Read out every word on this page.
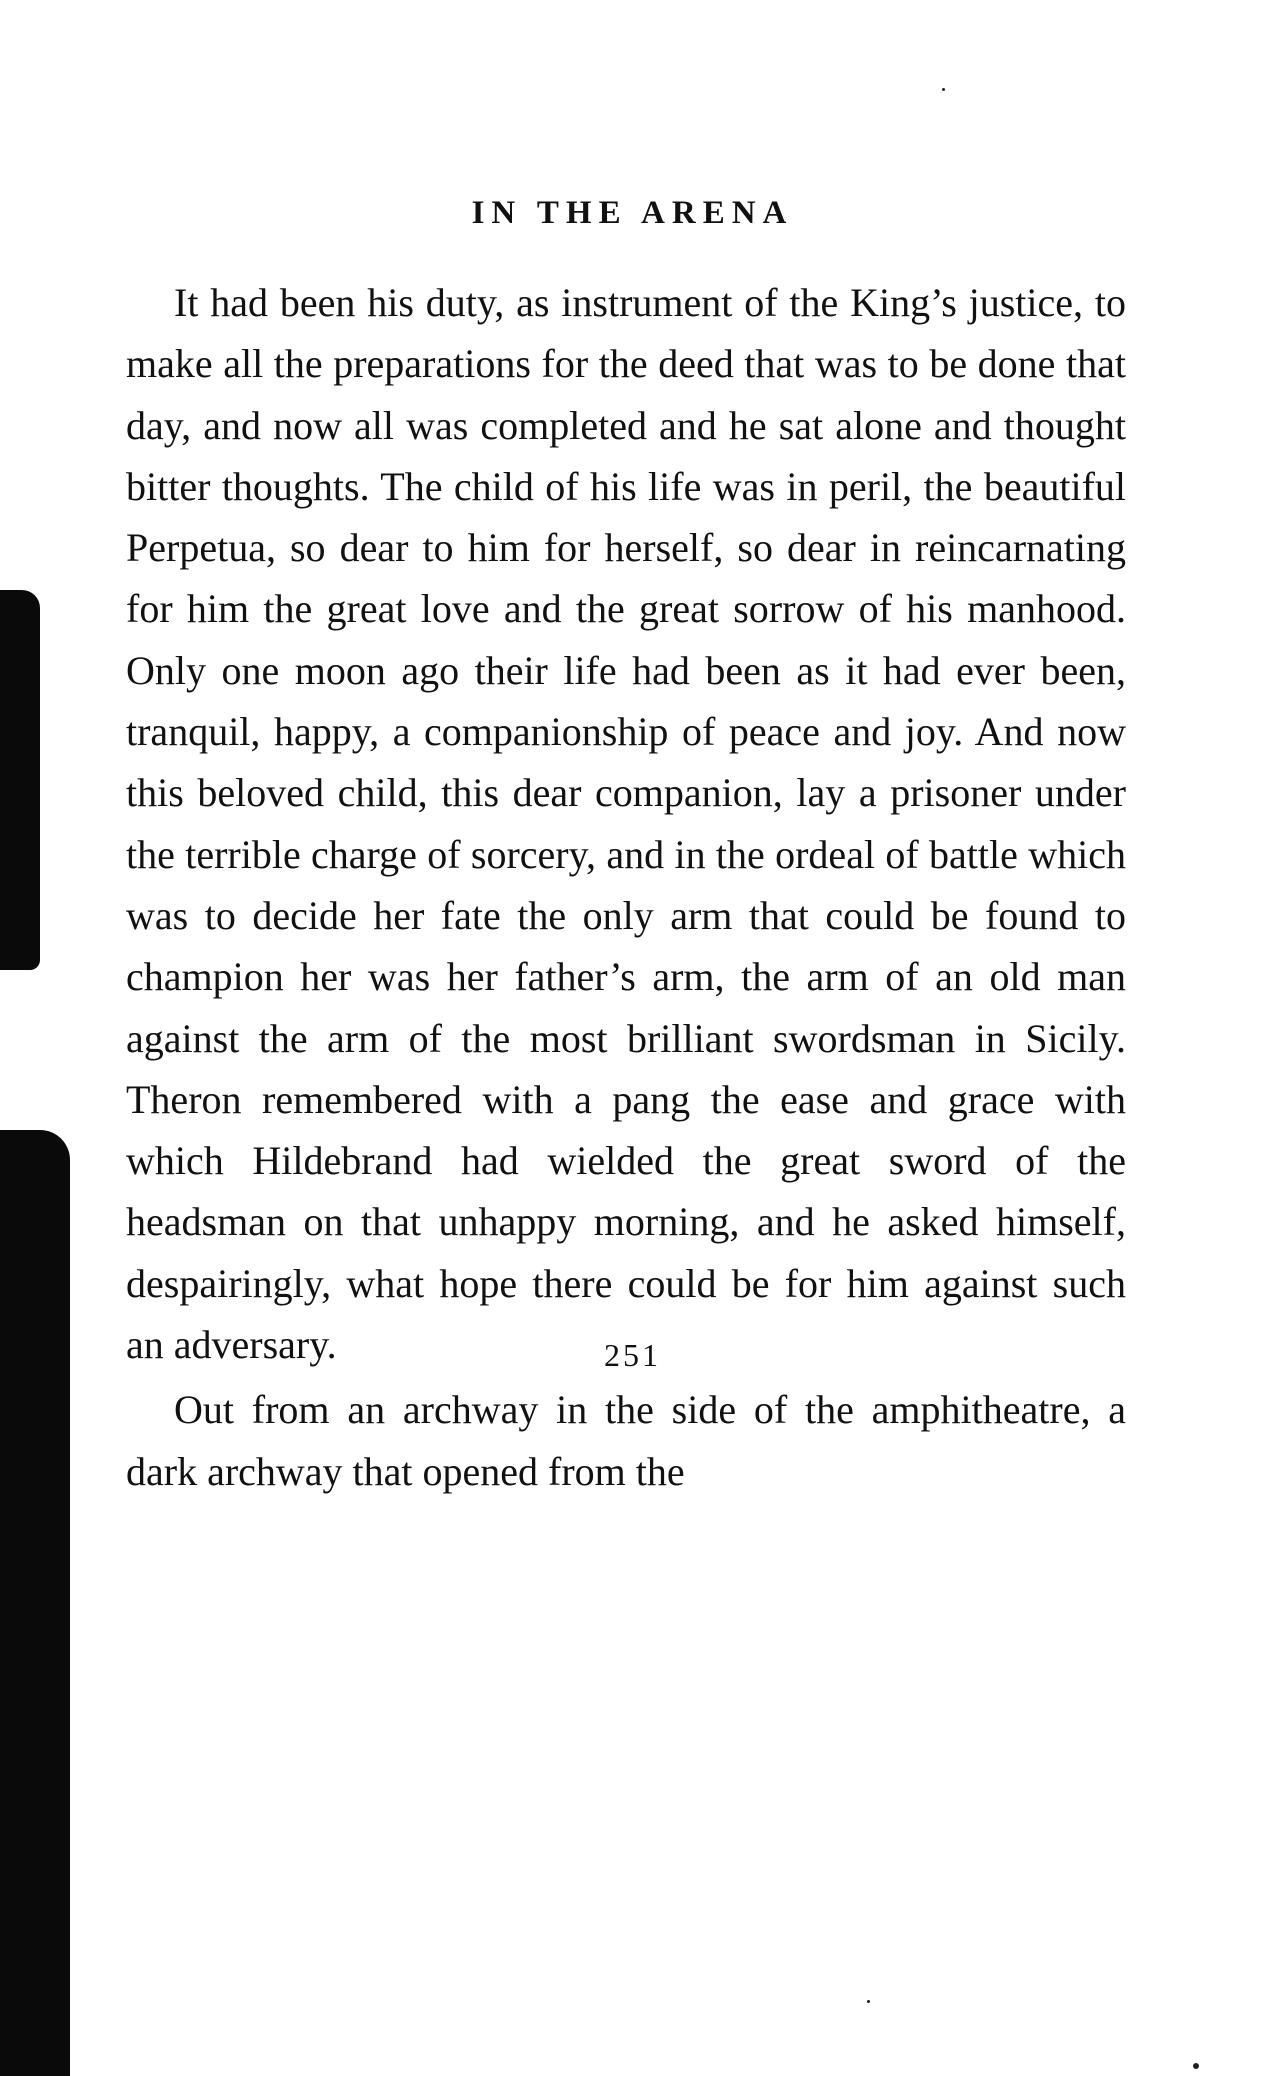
IN THE ARENA

It had been his duty, as instrument of the King’s justice, to make all the preparations for the deed that was to be done that day, and now all was completed and he sat alone and thought bitter thoughts. The child of his life was in peril, the beautiful Perpetua, so dear to him for herself, so dear in reincarnating for him the great love and the great sorrow of his manhood. Only one moon ago their life had been as it had ever been, tranquil, happy, a companionship of peace and joy. And now this beloved child, this dear companion, lay a prisoner under the terrible charge of sorcery, and in the ordeal of battle which was to decide her fate the only arm that could be found to champion her was her father’s arm, the arm of an old man against the arm of the most brilliant swordsman in Sicily. Theron remembered with a pang the ease and grace with which Hildebrand had wielded the great sword of the headsman on that unhappy morning, and he asked himself, despairingly, what hope there could be for him against such an adversary.

Out from an archway in the side of the amphitheatre, a dark archway that opened from the

251
